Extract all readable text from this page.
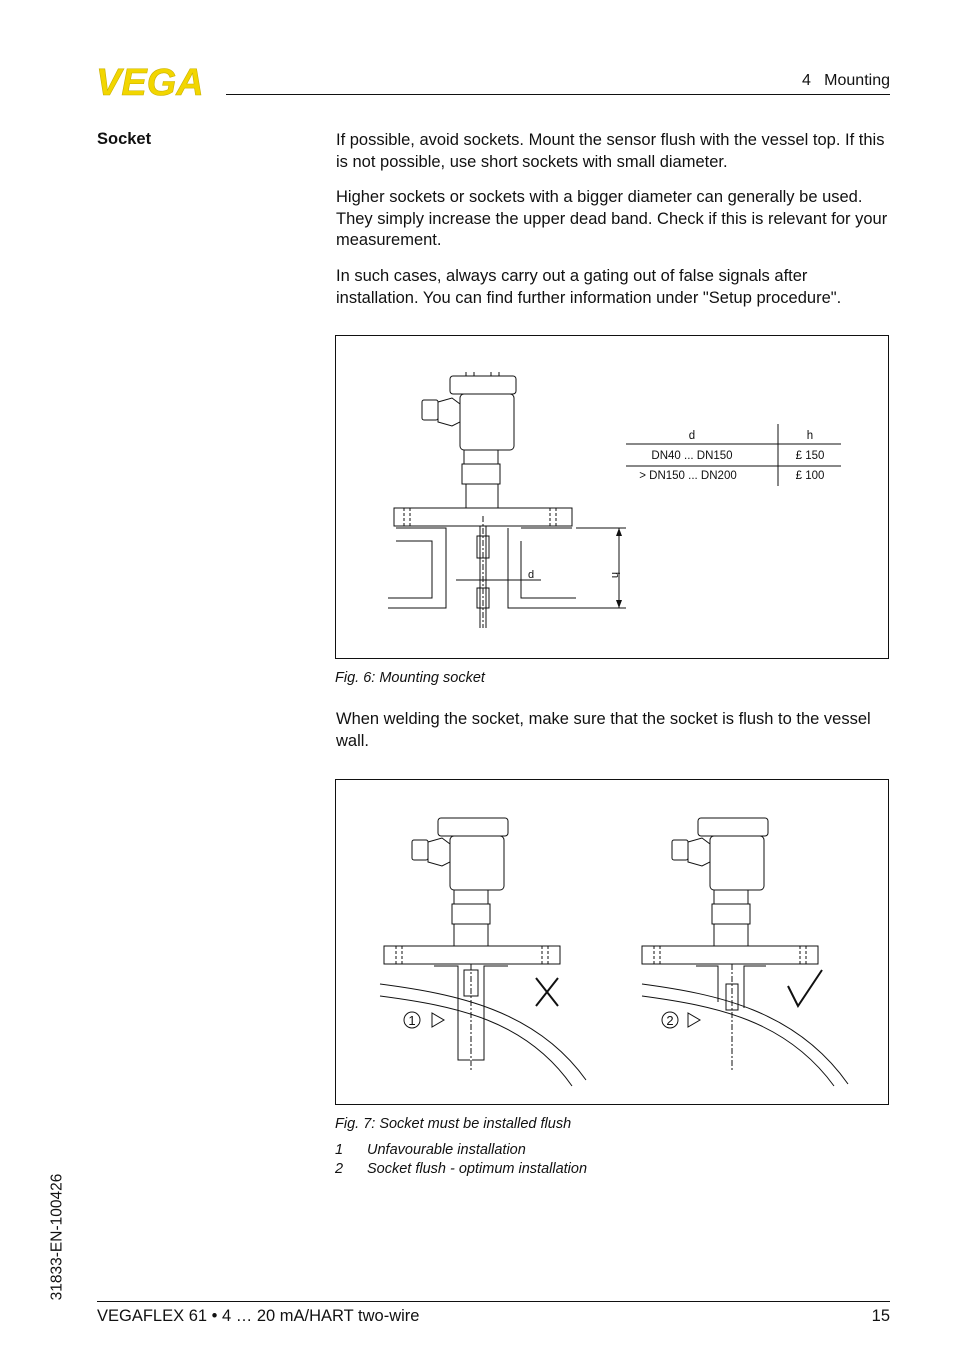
VEGA	4   Mounting
Socket	If possible, avoid sockets. Mount the sensor flush with the vessel top. If this is not possible, use short sockets with small diameter.
Higher sockets or sockets with a bigger diameter can generally be used. They simply increase the upper dead band. Check if this is relevant for your measurement.
In such cases, always carry out a gating out of false signals after installation. You can find further information under "Setup procedure".
d	h
d	h
DN40 ... DN150	£ 150
> DN150 ... DN200	£ 100
Fig. 6: Mounting socket
When welding the socket, make sure that the socket is flush to the vessel wall.
1	2
Fig. 7: Socket must be installed flush
1 Unfavourable installation
2 Socket flush - optimum installation
31833-EN-100426
VEGAFLEX 61 • 4 … 20 mA/HART two-wire	15
